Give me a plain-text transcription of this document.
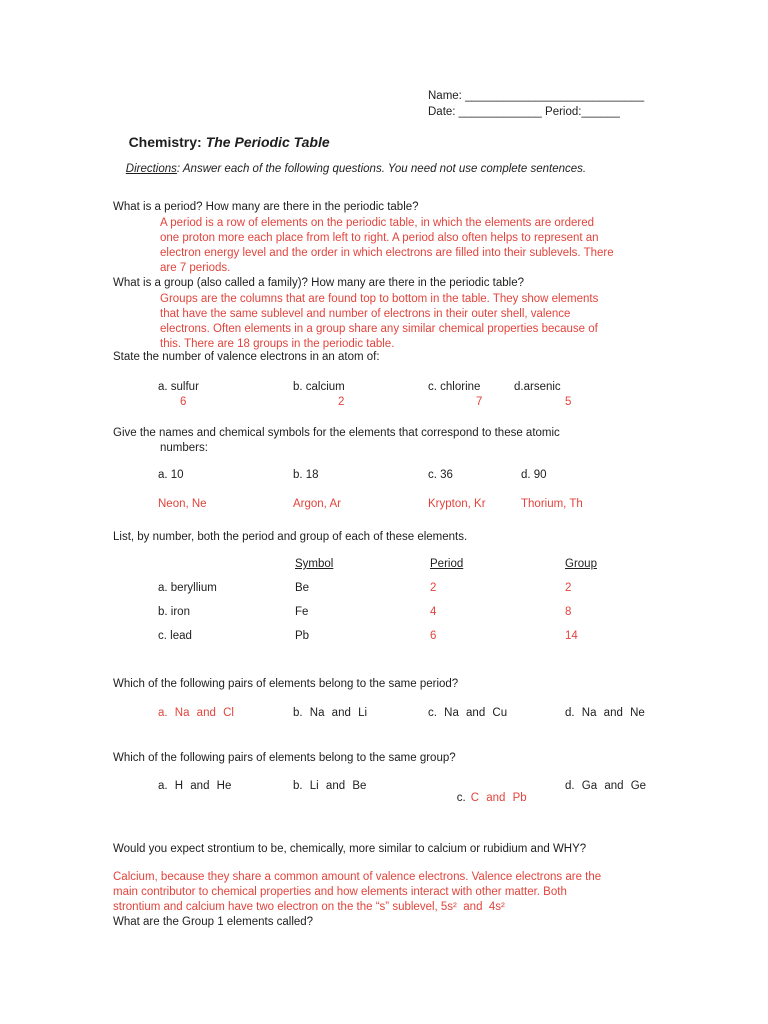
Name: ____________________________
Date: _____________ Period:______

Chemistry: The Periodic Table

Directions: Answer each of the following questions. You need not use complete sentences.

What is a period? How many are there in the periodic table?
A period is a row of elements on the periodic table, in which the elements are ordered
one proton more each place from left to right. A period also often helps to represent an
electron energy level and the order in which electrons are filled into their sublevels. There
are 7 periods.
What is a group (also called a family)? How many are there in the periodic table?
Groups are the columns that are found top to bottom in the table. They show elements
that have the same sublevel and number of electrons in their outer shell, valence
electrons. Often elements in a group share any similar chemical properties because of
this. There are 18 groups in the periodic table.
State the number of valence electrons in an atom of:
a. sulfur	b. calcium	c. chlorine	d.arsenic
6	2	7	5
Give the names and chemical symbols for the elements that correspond to these atomic
numbers:
a. 10	b. 18	c. 36	d. 90
Neon, Ne	Argon, Ar	Krypton, Kr	Thorium, Th
List, by number, both the period and group of each of these elements.
Symbol	Period	Group
a. beryllium	Be	2	2
b. iron	Fe	4	8
c. lead	Pb	6	14
Which of the following pairs of elements belong to the same period?
a. Na and Cl	b. Na and Li	c. Na and Cu	d. Na and Ne
Which of the following pairs of elements belong to the same group?
a. H and He	b. Li and Be

c. C and Pb

d. Ga and Ge
Would you expect strontium to be, chemically, more similar to calcium or rubidium and WHY?
Calcium, because they share a common amount of valence electrons. Valence electrons are the
main contributor to chemical properties and how elements interact with other matter. Both
strontium and calcium have two electron on the the “s” sublevel, 5s²  and  4s²
What are the Group 1 elements called?
